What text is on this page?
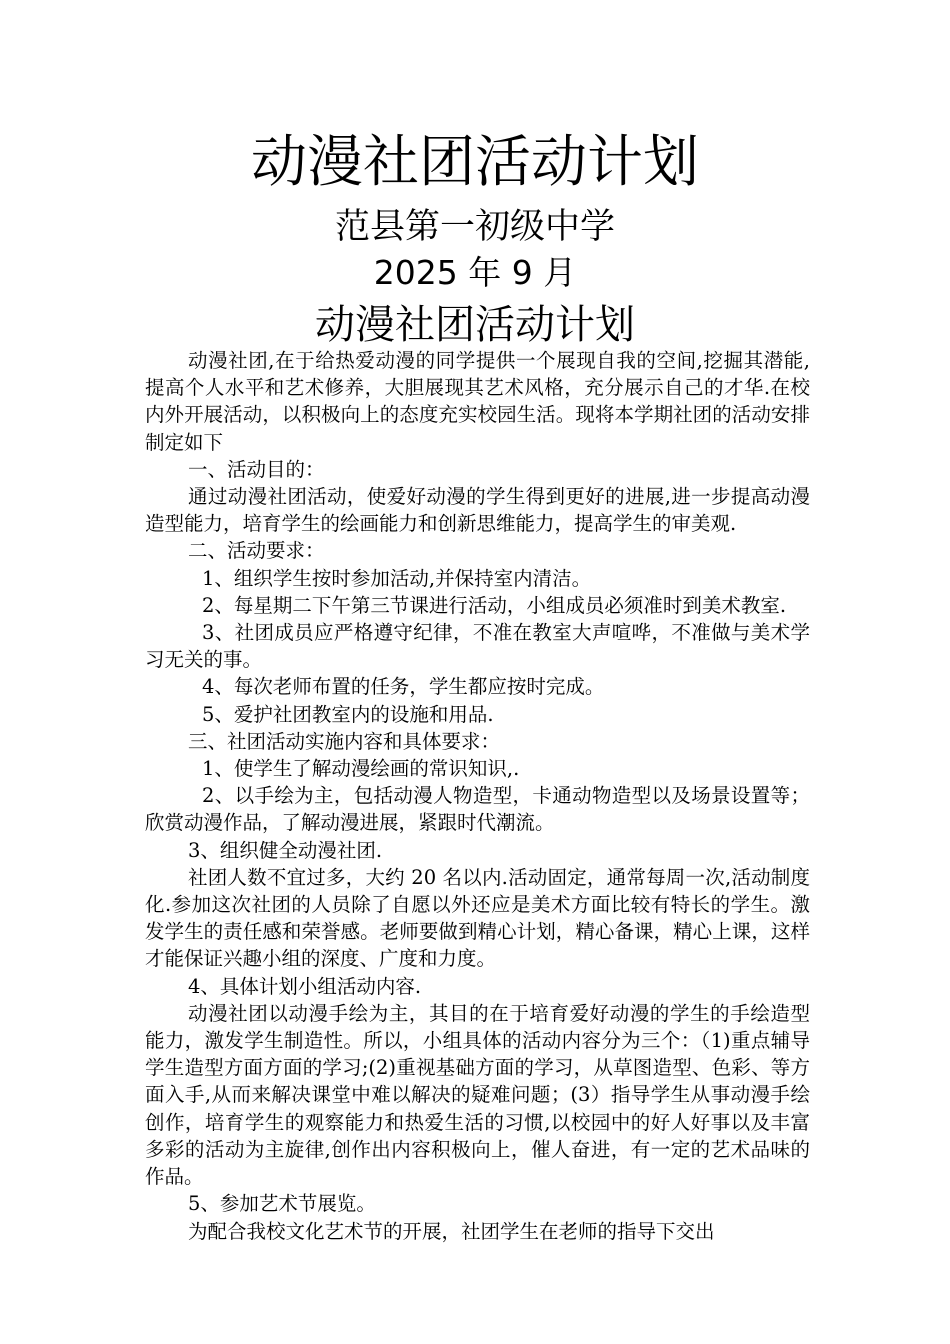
动漫社团活动计划
范县第一初级中学
2025 年 9 月
动漫社团活动计划

动漫社团,在于给热爱动漫的同学提供一个展现自我的空间,挖掘其潜能,提高个人水平和艺术修养，大胆展现其艺术风格，充分展示自己的才华.在校内外开展活动，以积极向上的态度充实校园生活。现将本学期社团的活动安排制定如下

一、活动目的：

通过动漫社团活动，使爱好动漫的学生得到更好的进展,进一步提高动漫造型能力，培育学生的绘画能力和创新思维能力，提高学生的审美观.

二、活动要求：

1、组织学生按时参加活动,并保持室内清洁。

2、每星期二下午第三节课进行活动，小组成员必须准时到美术教室.

3、社团成员应严格遵守纪律，不准在教室大声喧哗，不准做与美术学习无关的事。

4、每次老师布置的任务，学生都应按时完成。

5、爱护社团教室内的设施和用品.

三、社团活动实施内容和具体要求：

1、使学生了解动漫绘画的常识知识,.

2、以手绘为主，包括动漫人物造型，卡通动物造型以及场景设置等；欣赏动漫作品，了解动漫进展，紧跟时代潮流。

3、组织健全动漫社团.

社团人数不宜过多，大约 20 名以内.活动固定，通常每周一次,活动制度化.参加这次社团的人员除了自愿以外还应是美术方面比较有特长的学生。激发学生的责任感和荣誉感。老师要做到精心计划，精心备课，精心上课，这样才能保证兴趣小组的深度、广度和力度。

4、具体计划小组活动内容.

动漫社团以动漫手绘为主，其目的在于培育爱好动漫的学生的手绘造型能力，激发学生制造性。所以，小组具体的活动内容分为三个：（1)重点辅导学生造型方面方面的学习;(2)重视基础方面的学习，从草图造型、色彩、等方面入手,从而来解决课堂中难以解决的疑难问题；(3）指导学生从事动漫手绘创作，培育学生的观察能力和热爱生活的习惯,以校园中的好人好事以及丰富多彩的活动为主旋律,创作出内容积极向上，催人奋进，有一定的艺术品味的作品。

5、参加艺术节展览。

为配合我校文化艺术节的开展，社团学生在老师的指导下交出
